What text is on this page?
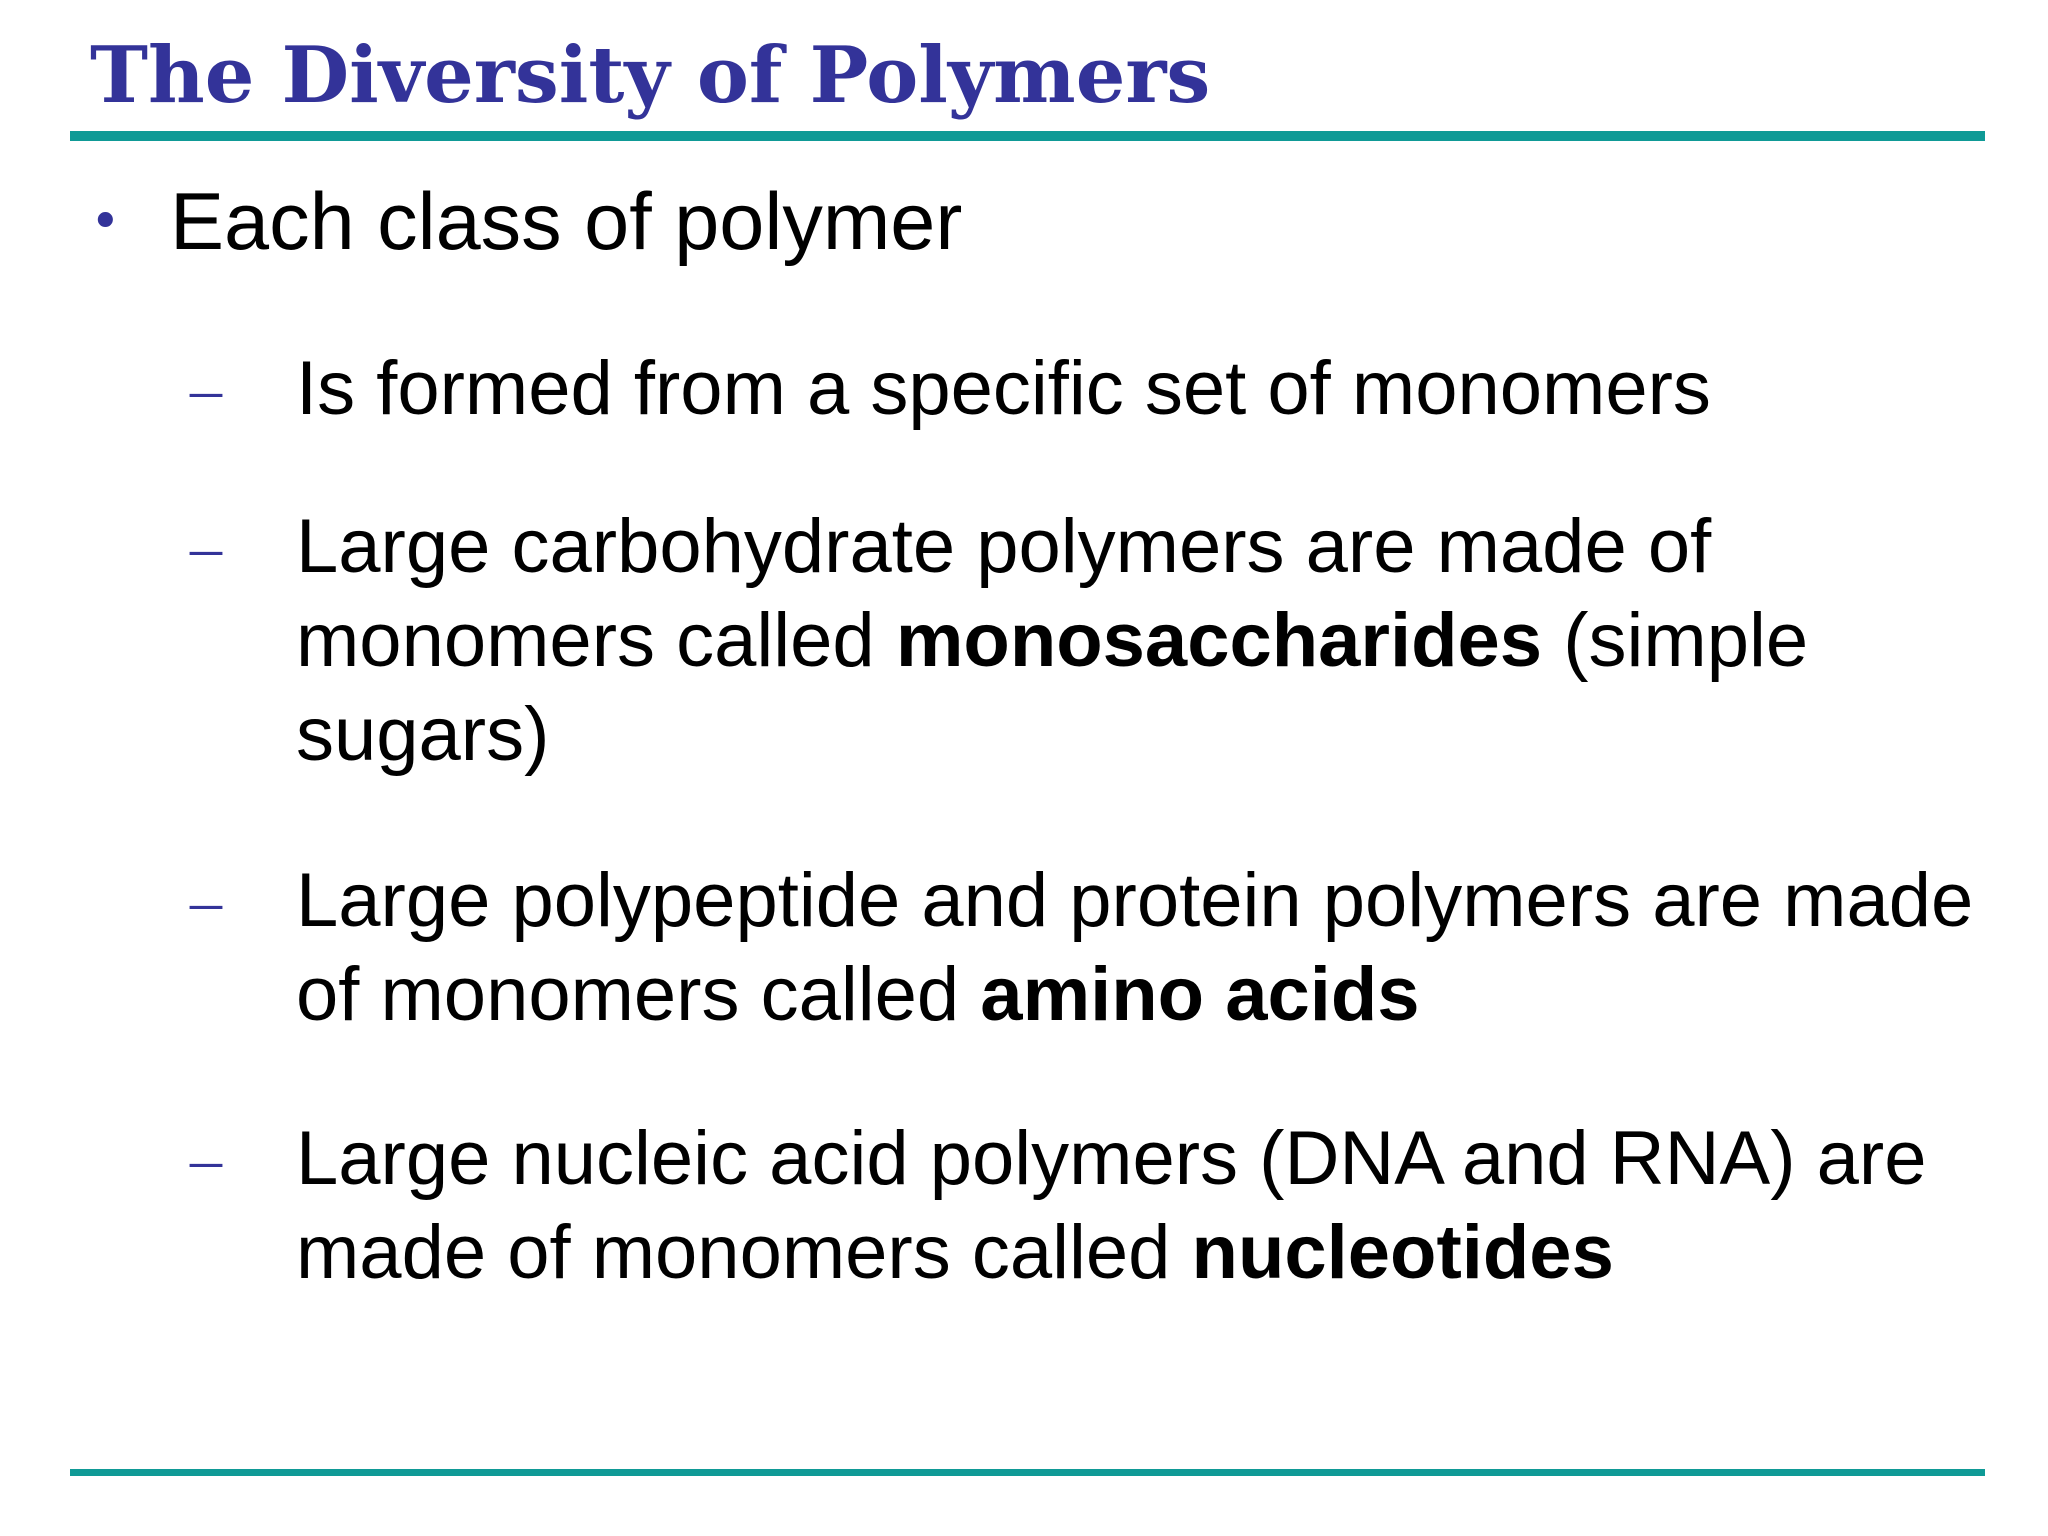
The Diversity of Polymers
• Each class of polymer
– Is formed from a specific set of monomers
– Large carbohydrate polymers are made of monomers called monosaccharides (simple sugars)
– Large polypeptide and protein polymers are made of monomers called amino acids
– Large nucleic acid polymers (DNA and RNA) are made of monomers called nucleotides
